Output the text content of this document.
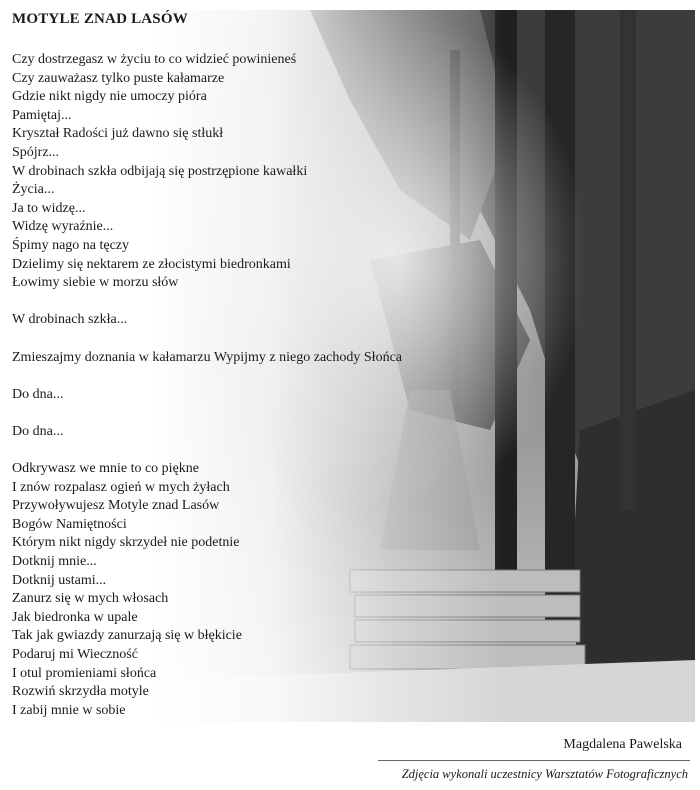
MOTYLE ZNAD LASÓW
Czy dostrzegasz w życiu to co widzieć powinieneś
Czy zauważasz tylko puste kałamarze
Gdzie nikt nigdy nie umoczy pióra
Pamiętaj...
Kryształ Radości już dawno się stłukł
Spójrz...
W drobinach szkła odbijają się postrzępione kawałki
Życia...
Ja to widzę...
Widzę wyraźnie...
Śpimy nago na tęczy
Dzielimy się nektarem ze złocistymi biedronkami
Łowimy siebie w morzu słów
W drobinach szkła...
Zmieszajmy doznania w kałamarzu Wypijmy z niego zachody Słońca
Do dna...
Do dna...
Odkrywasz we mnie to co piękne
I znów rozpalasz ogień w mych żyłach
Przywoływujesz Motyle znad Lasów
Bogów Namiętności
Którym nikt nigdy skrzydeł nie podetnie
Dotknij mnie...
Dotknij ustami...
Zanurz się w mych włosach
Jak biedronka w upale
Tak jak gwiazdy zanurzają się w błękicie
Podaruj mi Wieczność
I otul promieniami słońca
Rozwiń skrzydła motyle
I zabij mnie w sobie
Magdalena Pawelska
Zdjęcia wykonali uczestnicy Warsztatów Fotograficznych
